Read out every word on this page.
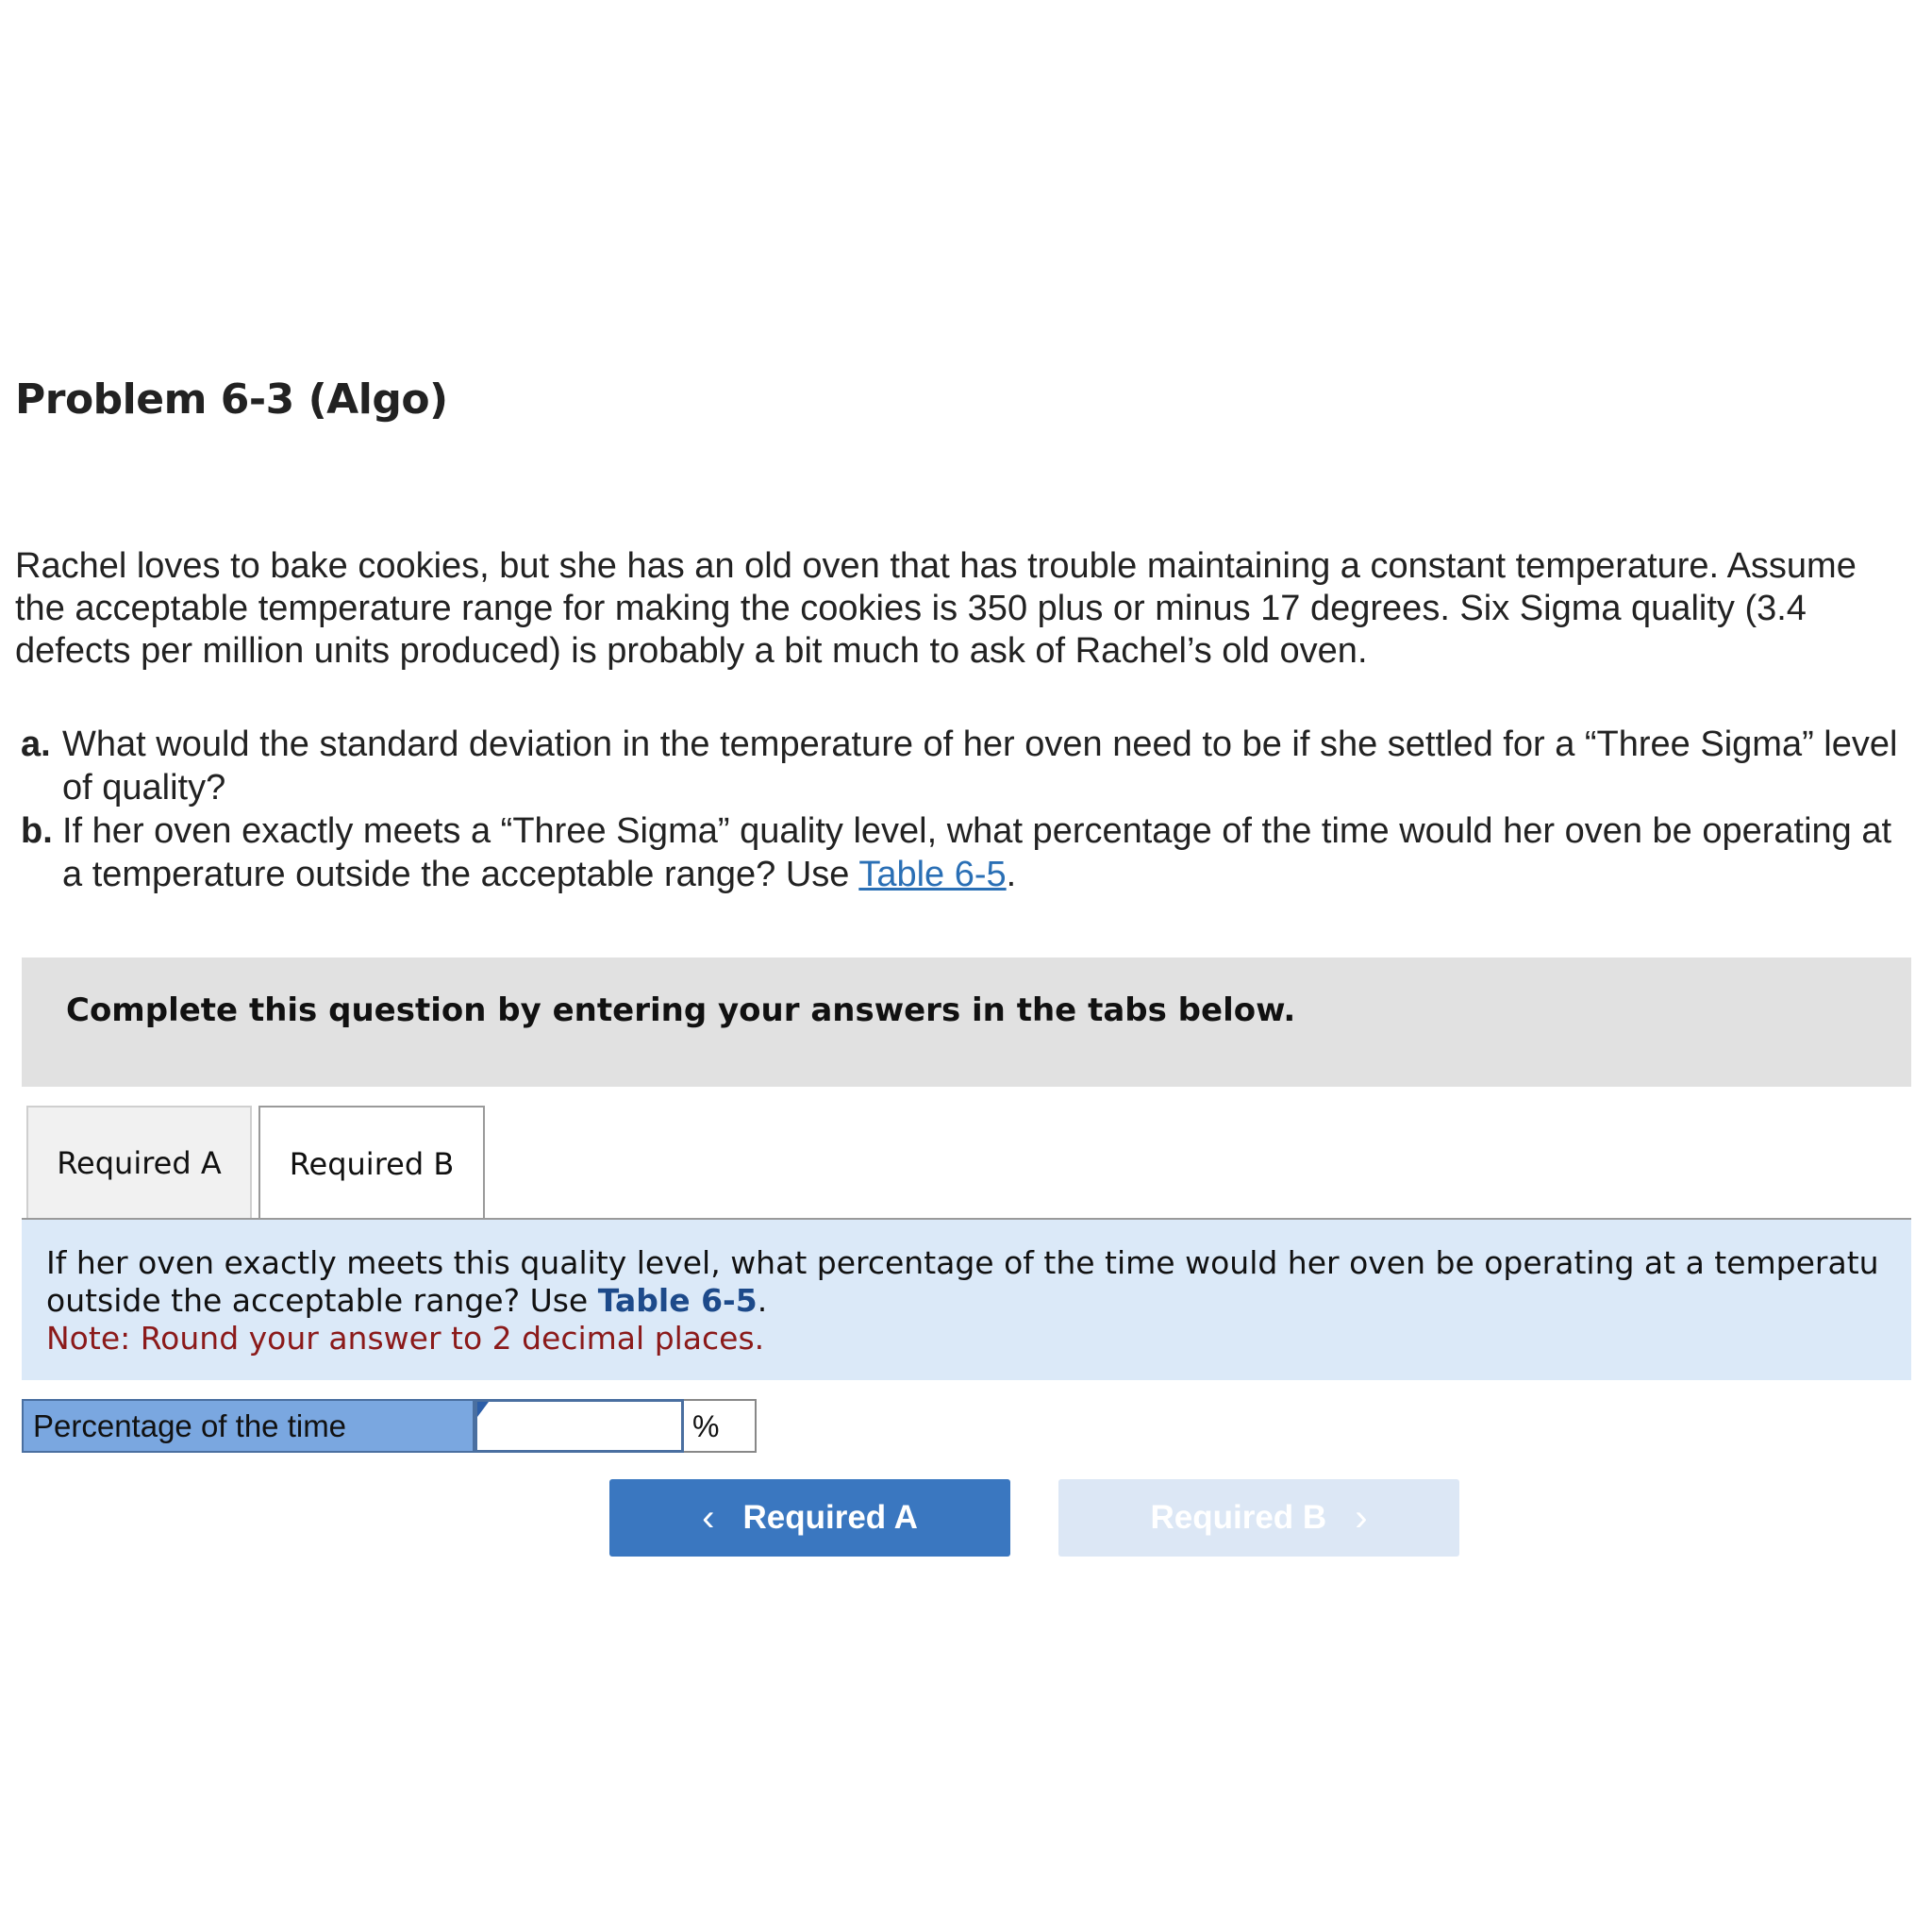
Problem 6-3 (Algo)

Rachel loves to bake cookies, but she has an old oven that has trouble maintaining a constant temperature. Assume the acceptable temperature range for making the cookies is 350 plus or minus 17 degrees. Six Sigma quality (3.4 defects per million units produced) is probably a bit much to ask of Rachel’s old oven.

a. What would the standard deviation in the temperature of her oven need to be if she settled for a “Three Sigma” level of quality?

b. If her oven exactly meets a “Three Sigma” quality level, what percentage of the time would her oven be operating at a temperature outside the acceptable range? Use Table 6-5.

Complete this question by entering your answers in the tabs below.
Required A Required B
If her oven exactly meets this quality level, what percentage of the time would her oven be operating at a temperatu
outside the acceptable range? Use Table 6-5.
Note: Round your answer to 2 decimal places.
Percentage of the time	%
‹ Required A	Required B ›
